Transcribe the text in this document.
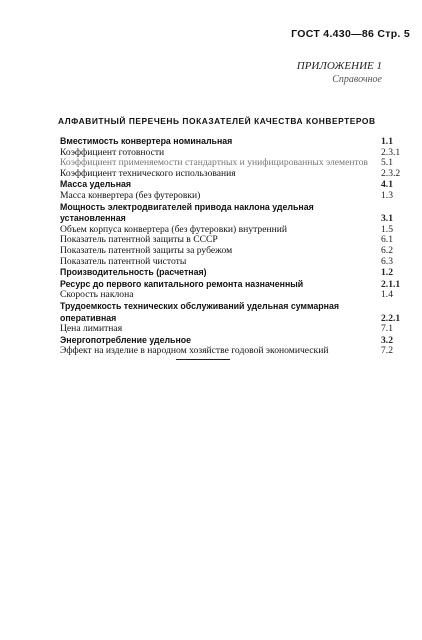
ГОСТ 4.430—86 Стр. 5
ПРИЛОЖЕНИЕ 1
Справочное
АЛФАВИТНЫЙ ПЕРЕЧЕНЬ ПОКАЗАТЕЛЕЙ КАЧЕСТВА КОНВЕРТЕРОВ
Вместимость конвертера номинальная	1.1
Коэффициент готовности	2.3.1
Коэффициент применяемости стандартных и унифицированных элементов 5.1
Коэффициент технического использования	2.3.2
Масса удельная	4.1
Масса конвертера (без футеровки)	1.3
Мощность электродвигателей привода наклона удельная установленная	3.1
Объем корпуса конвертера (без футеровки) внутренний	1.5
Показатель патентной защиты в СССР	6.1
Показатель патентной защиты за рубежом	6.2
Показатель патентной чистоты	6.3
Производительность (расчетная)	1.2
Ресурс до первого капитального ремонта назначенный	2.1.1
Скорость наклона	1.4
Трудоемкость технических обслуживаний удельная суммарная оперативная	2.2.1
Цена лимитная	7.1
Энергопотребление удельное	3.2
Эффект на изделие в народном хозяйстве годовой экономический	7.2
